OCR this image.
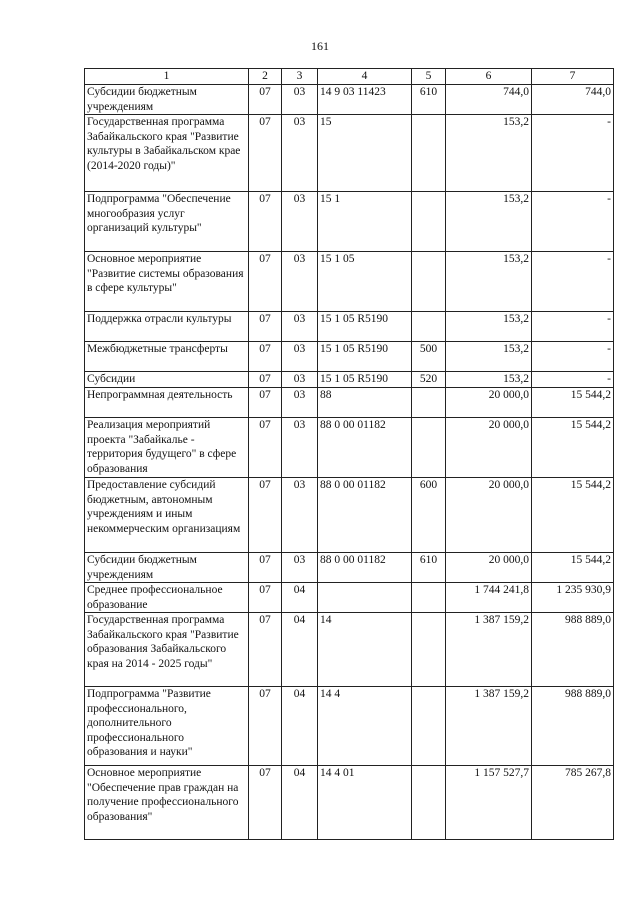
161
1	2	3	4	5	6	7
Субсидии бюджетным учреждениям	07	03	14 9 03 11423	610	744,0	744,0
Государственная программа Забайкальского края "Развитие культуры в Забайкальском крае (2014-2020 годы)"	07	03	15		153,2	-
Подпрограмма "Обеспечение многообразия услуг организаций культуры"	07	03	15 1		153,2	-
Основное мероприятие "Развитие системы образования в сфере культуры"	07	03	15 1 05		153,2	-
Поддержка отрасли культуры	07	03	15 1 05 R5190		153,2	-
Межбюджетные трансферты	07	03	15 1 05 R5190	500	153,2	-
Субсидии	07	03	15 1 05 R5190	520	153,2	-
Непрограммная деятельность	07	03	88		20 000,0	15 544,2
Реализация мероприятий проекта "Забайкалье - территория будущего" в сфере образования	07	03	88 0 00 01182		20 000,0	15 544,2
Предоставление субсидий бюджетным, автономным учреждениям и иным некоммерческим организациям	07	03	88 0 00 01182	600	20 000,0	15 544,2
Субсидии бюджетным учреждениям	07	03	88 0 00 01182	610	20 000,0	15 544,2
Среднее профессиональное образование	07	04			1 744 241,8	1 235 930,9
Государственная программа Забайкальского края "Развитие образования Забайкальского края на 2014 - 2025 годы"	07	04	14		1 387 159,2	988 889,0
Подпрограмма "Развитие профессионального, дополнительного профессионального образования и науки"	07	04	14 4		1 387 159,2	988 889,0
Основное мероприятие "Обеспечение прав граждан на получение профессионального образования"	07	04	14 4 01		1 157 527,7	785 267,8
